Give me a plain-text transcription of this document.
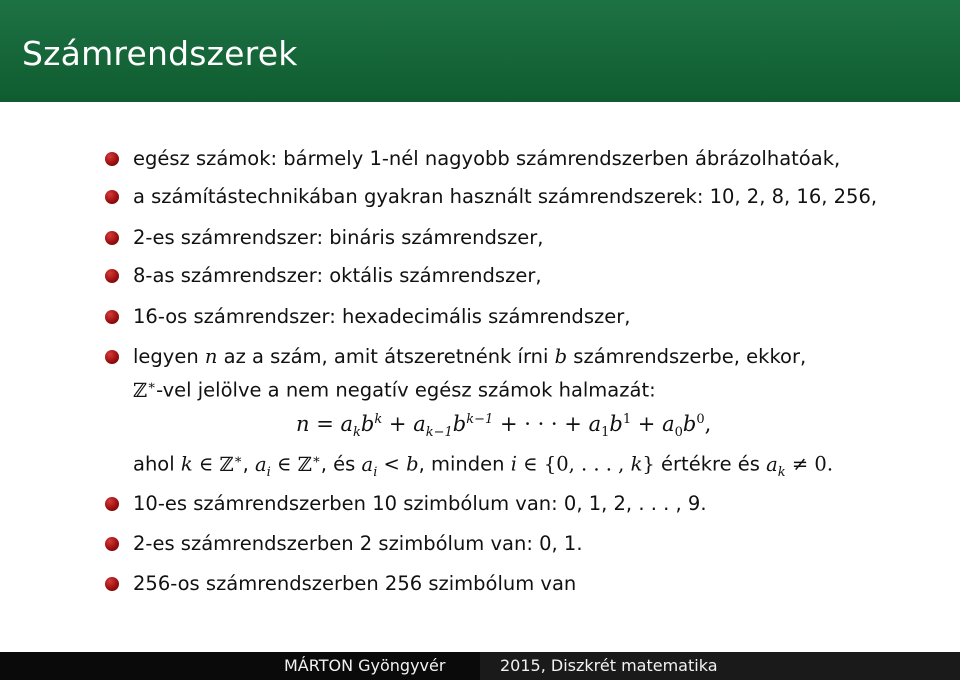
Számrendszerek
egész számok: bármely 1-nél nagyobb számrendszerben ábrázolhatóak,
a számítástechnikában gyakran használt számrendszerek: 10, 2, 8, 16, 256,
2-es számrendszer: bináris számrendszer,
8-as számrendszer: oktális számrendszer,
16-os számrendszer: hexadecimális számrendszer,
legyen n az a szám, amit átszeretnénk írni b számrendszerbe, ekkor,
ℤ∗-vel jelölve a nem negatív egész számok halmazát:
$n = a_kb^k + a_{k-1}b^{k-1}$ + · · · + $a_1b^1 + a_0b^0$,
ahol k ∈ ℤ∗, $a_i$ ∈ ℤ∗, és $a_i < b$, minden i ∈ {0, . . . , k} értékre és $a_k \ne 0$.
10-es számrendszerben 10 szimbólum van: 0, 1, 2, . . . , 9.
2-es számrendszerben 2 szimbólum van: 0, 1.
256-os számrendszerben 256 szimbólum van
MÁRTON Gyöngyvér	2015, Diszkrét matematika
